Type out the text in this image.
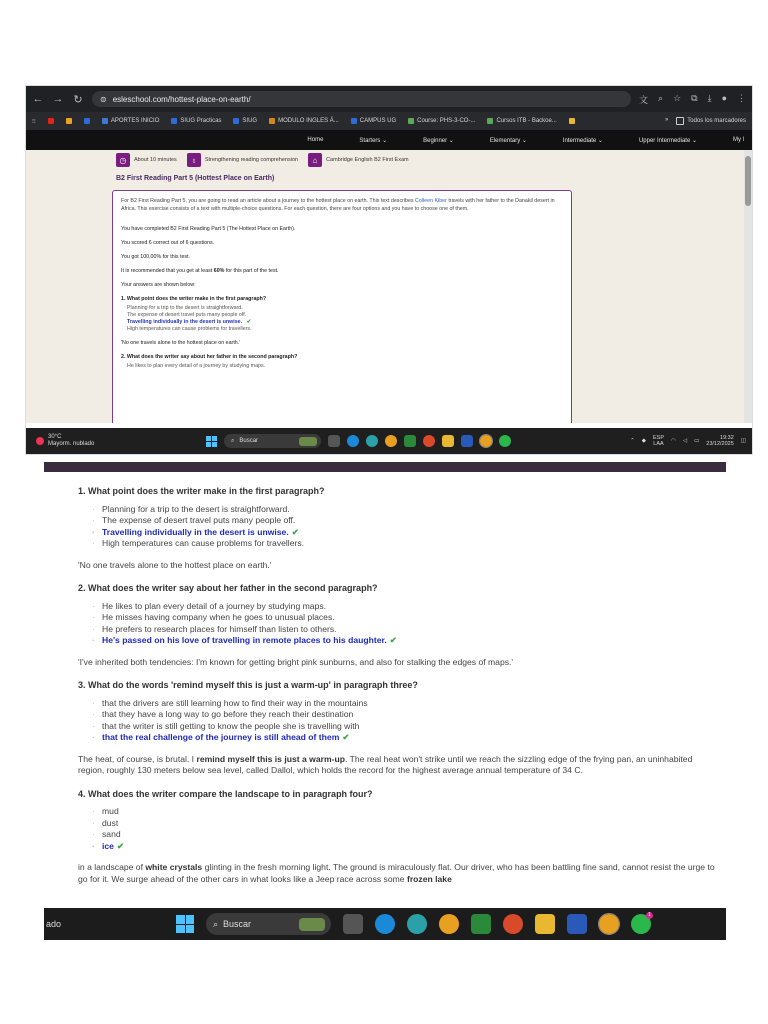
← → ↻ ⊜ esleschool.com/hottest-place-on-earth/	文 ⌕ ☆ ⧉ ⤓ ● ⋮
⁝⁝	APORTES INICIO	SIUG Practicas	SIUG	MODULO INGLES Á...	CAMPUS UG	Course: PHS-3-CO-...	Cursos ITB - Backoe...	»	Todos los marcadores
Home	Starters ⌄	Beginner ⌄	Elementary ⌄	Intermediate ⌄	Upper Intermediate ⌄	My l
◷	About 10 minutes	♁	Strengthening reading comprehension	⌂	Cambridge English B2 First Exam
B2 First Reading Part 5 (Hottest Place on Earth)

For B2 First Reading Part 5, you are going to read an article about a journey to the hottest place on earth. This text describes Colleen Kiber travels with her father to the Danakil desert in Africa. This exercise consists of a text with multiple-choice questions. For each question, there are four options and you have to choose one of them.

You have completed B2 First Reading Part 5 (The Hottest Place on Earth).

You scored 6 correct out of 6 questions.

You got 100,00% for this test.

It is recommended that you get at least 60% for this part of the test.

Your answers are shown below:

1. What point does the writer make in the first paragraph?
Planning for a trip to the desert is straightforward.
The expense of desert travel puts many people off.
Travelling individually in the desert is unwise. ✔
High temperatures can cause problems for travellers.

'No one travels alone to the hottest place on earth.'

2. What does the writer say about her father in the second paragraph?
He likes to plan every detail of a journey by studying maps.
30°C
Mayorm. nublado
⌕ Buscar	⌃ ◆ ESP
LAA ◠ ◁ ▭	19:32
23/12/2025 ◫
1. What point does the writer make in the first paragraph?
· Planning for a trip to the desert is straightforward.
· The expense of desert travel puts many people off.
· Travelling individually in the desert is unwise. ✔
· High temperatures can cause problems for travellers.
'No one travels alone to the hottest place on earth.'
2. What does the writer say about her father in the second paragraph?
· He likes to plan every detail of a journey by studying maps.
· He misses having company when he goes to unusual places.
· He prefers to research places for himself than listen to others.
· He's passed on his love of travelling in remote places to his daughter. ✔
'I've inherited both tendencies: I'm known for getting bright pink sunburns, and also for stalking the edges of maps.'
3. What do the words 'remind myself this is just a warm-up' in paragraph three?
· that the drivers are still learning how to find their way in the mountains
· that they have a long way to go before they reach their destination
· that the writer is still getting to know the people she is travelling with
· that the real challenge of the journey is still ahead of them ✔
The heat, of course, is brutal. I remind myself this is just a warm-up. The real heat won't strike until we reach the sizzling edge of the frying pan, an uninhabited region, roughly 130 meters below sea level, called Dallol, which holds the record for the highest average annual temperature of 34 C.
4. What does the writer compare the landscape to in paragraph four?
· mud
· dust
· sand
· ice ✔
in a landscape of white crystals glinting in the fresh morning light. The ground is miraculously flat. Our driver, who has been battling fine sand, cannot resist the urge to go for it. We surge ahead of the other cars in what looks like a Jeep race across some frozen lake
ado	⌕ Buscar
1
